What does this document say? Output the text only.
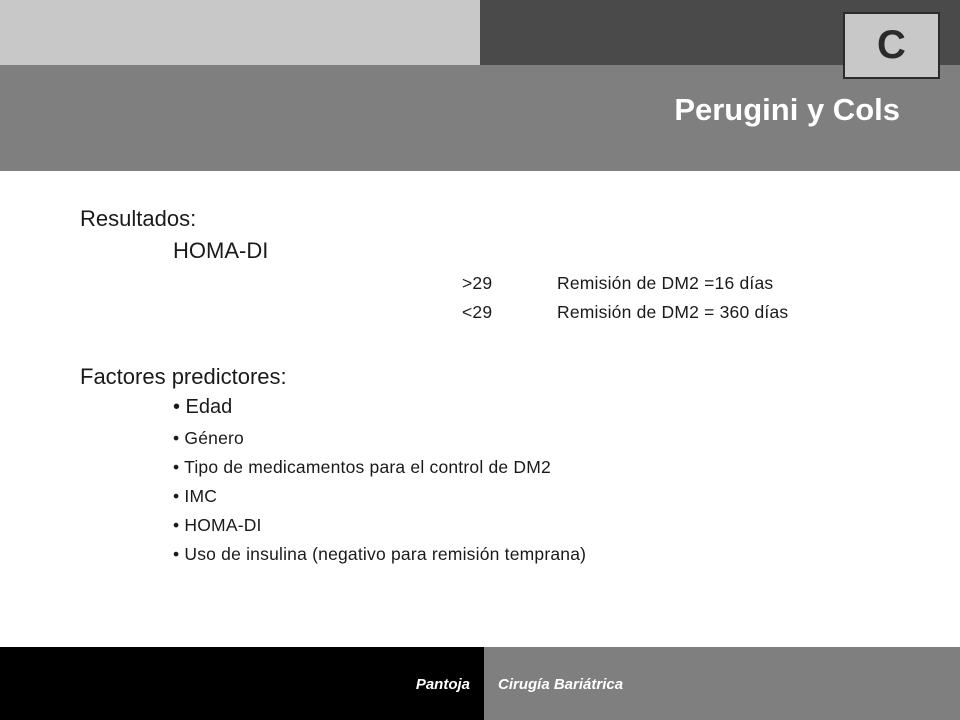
C
Perugini y Cols
Resultados:
HOMA-DI
>29	Remisión de DM2 =16 días
<29	Remisión de DM2 = 360 días
Factores predictores:
• Edad
• Género
• Tipo de medicamentos para el control de DM2
• IMC
• HOMA-DI
• Uso de insulina (negativo para remisión temprana)
Pantoja Cirugía Bariátrica
